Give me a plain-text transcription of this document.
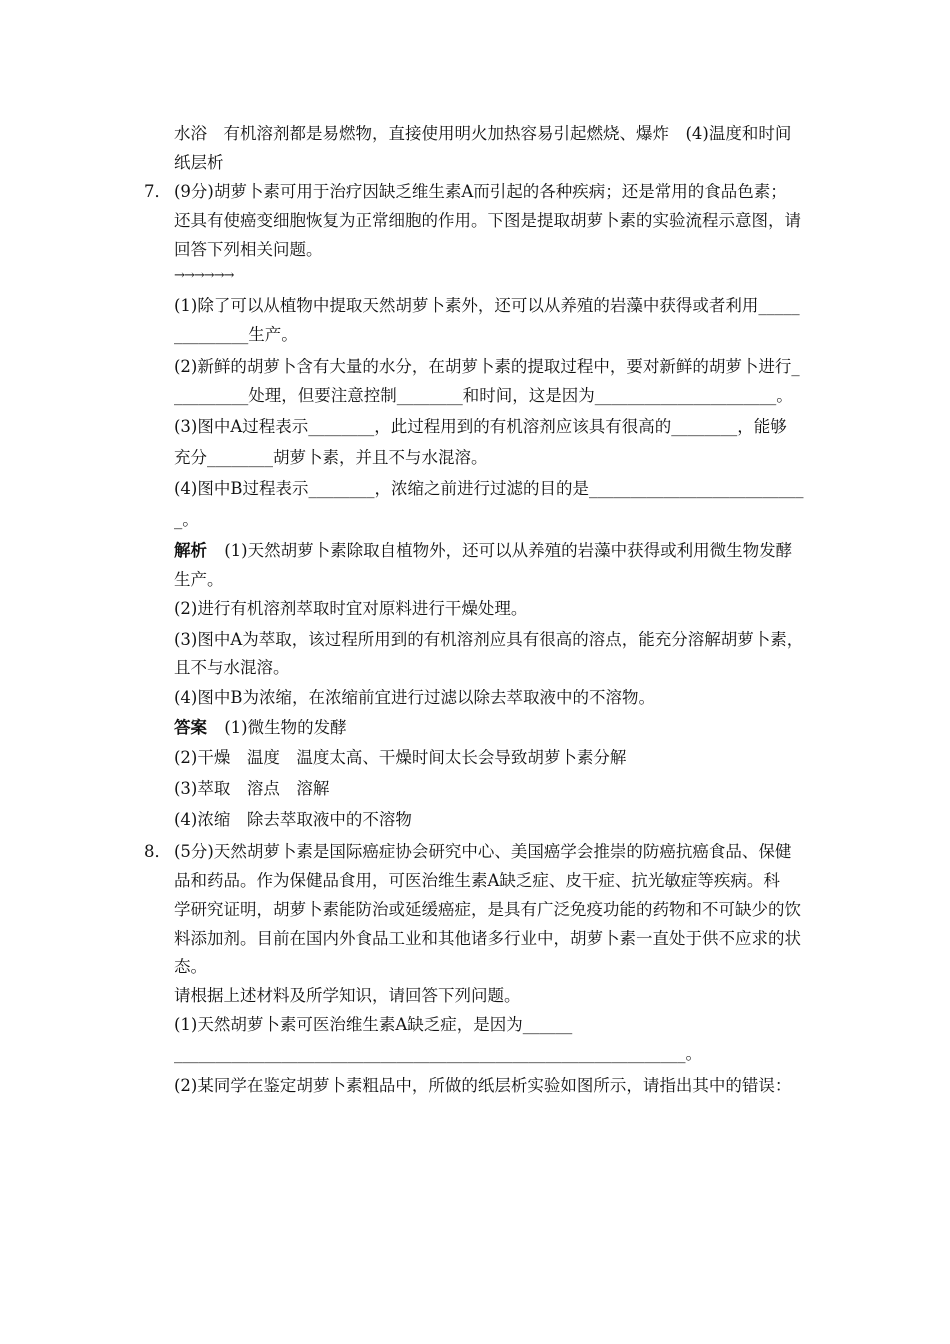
水浴　有机溶剂都是易燃物，直接使用明火加热容易引起燃烧、爆炸　(4)温度和时间
纸层析
7． (9分)胡萝卜素可用于治疗因缺乏维生素A而引起的各种疾病；还是常用的食品色素；
还具有使癌变细胞恢复为正常细胞的作用。下图是提取胡萝卜素的实验流程示意图，请
回答下列相关问题。
→→→→→→
(1)除了可以从植物中提取天然胡萝卜素外，还可以从养殖的岩藻中获得或者利用_____
_________生产。
(2)新鲜的胡萝卜含有大量的水分，在胡萝卜素的提取过程中，要对新鲜的胡萝卜进行_
_________处理，但要注意控制________和时间，这是因为______________________。
(3)图中A过程表示________，此过程用到的有机溶剂应该具有很高的________，能够
充分________胡萝卜素，并且不与水混溶。
(4)图中B过程表示________，浓缩之前进行过滤的目的是__________________________
_。
解析 (1)天然胡萝卜素除取自植物外，还可以从养殖的岩藻中获得或利用微生物发酵
生产。
(2)进行有机溶剂萃取时宜对原料进行干燥处理。
(3)图中A为萃取，该过程所用到的有机溶剂应具有很高的溶点，能充分溶解胡萝卜素，
且不与水混溶。
(4)图中B为浓缩，在浓缩前宜进行过滤以除去萃取液中的不溶物。
答案 (1)微生物的发酵
(2)干燥　温度　温度太高、干燥时间太长会导致胡萝卜素分解
(3)萃取　溶点　溶解
(4)浓缩　除去萃取液中的不溶物
8． (5分)天然胡萝卜素是国际癌症协会研究中心、美国癌学会推崇的防癌抗癌食品、保健
品和药品。作为保健品食用，可医治维生素A缺乏症、皮干症、抗光敏症等疾病。科
学研究证明，胡萝卜素能防治或延缓癌症，是具有广泛免疫功能的药物和不可缺少的饮
料添加剂。目前在国内外食品工业和其他诸多行业中，胡萝卜素一直处于供不应求的状
态。
请根据上述材料及所学知识，请回答下列问题。
(1)天然胡萝卜素可医治维生素A缺乏症，是因为______
______________________________________________________________。
(2)某同学在鉴定胡萝卜素粗品中，所做的纸层析实验如图所示，请指出其中的错误：
